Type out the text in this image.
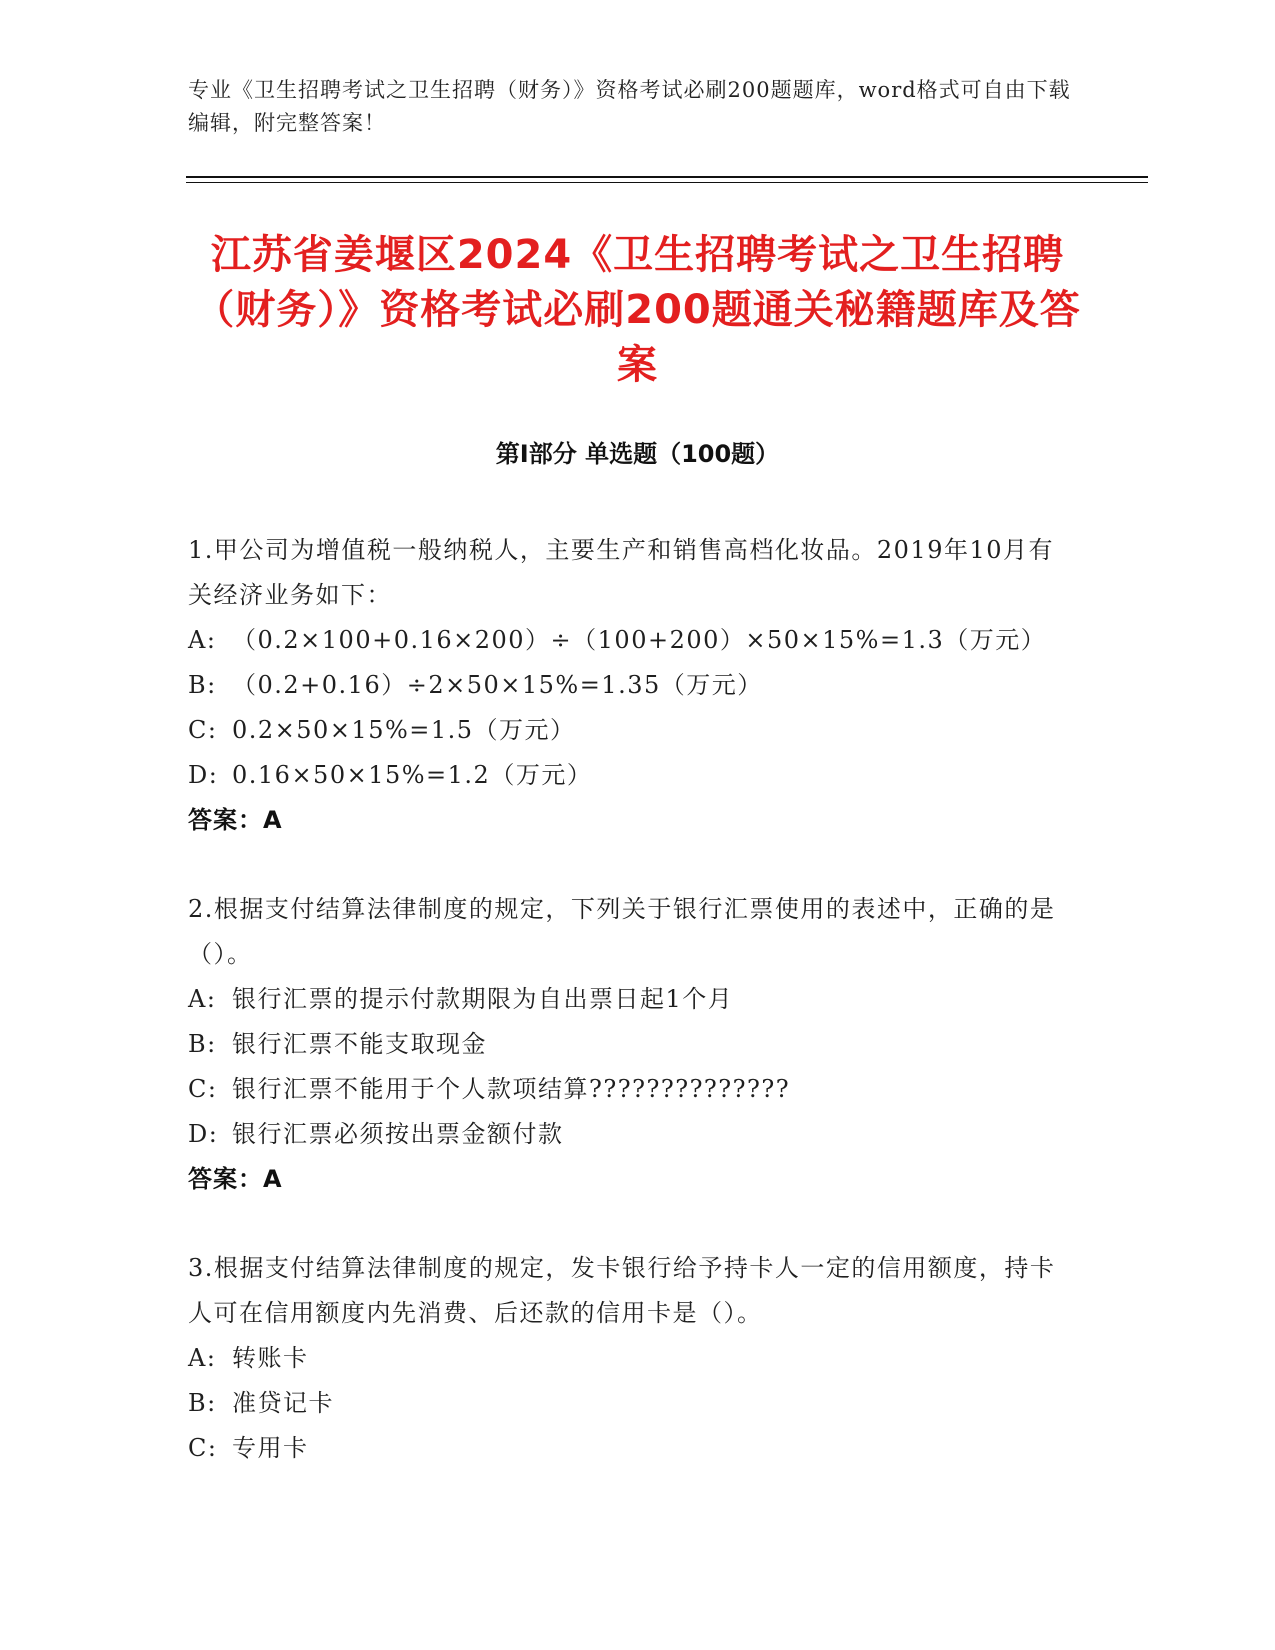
专业《卫生招聘考试之卫生招聘（财务）》资格考试必刷200题题库，word格式可自由下载编辑，附完整答案！
江苏省姜堰区2024《卫生招聘考试之卫生招聘（财务）》资格考试必刷200题通关秘籍题库及答案
第Ⅰ部分 单选题（100题）
1.甲公司为增值税一般纳税人，主要生产和销售高档化妆品。2019年10月有关经济业务如下：
A: （0.2×100+0.16×200）÷（100+200）×50×15%=1.3（万元）
B: （0.2+0.16）÷2×50×15%=1.35（万元）
C: 0.2×50×15%=1.5（万元）
D: 0.16×50×15%=1.2（万元）
答案：A
2.根据支付结算法律制度的规定，下列关于银行汇票使用的表述中，正确的是（）。
A: 银行汇票的提示付款期限为自出票日起1个月
B: 银行汇票不能支取现金
C: 银行汇票不能用于个人款项结算??????????????
D: 银行汇票必须按出票金额付款
答案：A
3.根据支付结算法律制度的规定，发卡银行给予持卡人一定的信用额度，持卡人可在信用额度内先消费、后还款的信用卡是（）。
A: 转账卡
B: 准贷记卡
C: 专用卡
